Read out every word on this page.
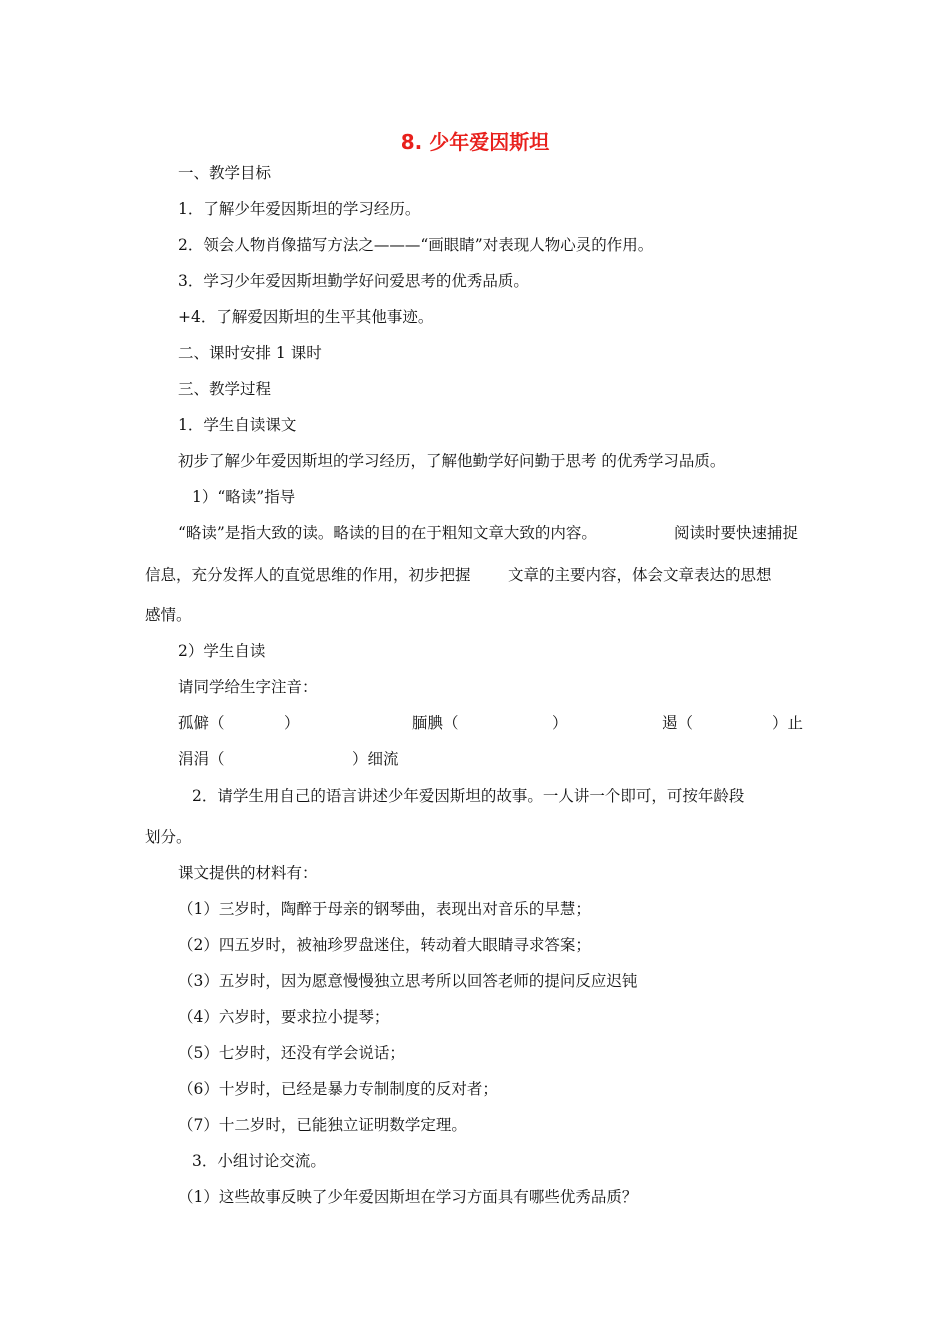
8. 少年爱因斯坦
一、教学目标
1．了解少年爱因斯坦的学习经历。
2．领会人物肖像描写方法之———“画眼睛”对表现人物心灵的作用。
3．学习少年爱因斯坦勤学好问爱思考的优秀品质。
+4．了解爱因斯坦的生平其他事迹。
二、课时安排 1 课时
三、教学过程
1．学生自读课文
初步了解少年爱因斯坦的学习经历，了解他勤学好问勤于思考 的优秀学习品质。
1）“略读”指导
“略读”是指大致的读。略读的目的在于粗知文章大致的内容。	阅读时要快速捕捉
信息，充分发挥人的直觉思维的作用，初步把握 文章的主要内容，体会文章表达的思想
感情。
2）学生自读
请同学给生字注音：
孤僻（	）	腼腆（	）	遏（	）止
涓涓（	）细流
2．请学生用自己的语言讲述少年爱因斯坦的故事。一人讲一个即可，可按年龄段
划分。
课文提供的材料有：
（1）三岁时，陶醉于母亲的钢琴曲，表现出对音乐的早慧；
（2）四五岁时，被袖珍罗盘迷住，转动着大眼睛寻求答案；
（3）五岁时，因为愿意慢慢独立思考所以回答老师的提问反应迟钝
（4）六岁时，要求拉小提琴；
（5）七岁时，还没有学会说话；
（6）十岁时，已经是暴力专制制度的反对者；
（7）十二岁时，已能独立证明数学定理。
3．小组讨论交流。
（1）这些故事反映了少年爱因斯坦在学习方面具有哪些优秀品质？
